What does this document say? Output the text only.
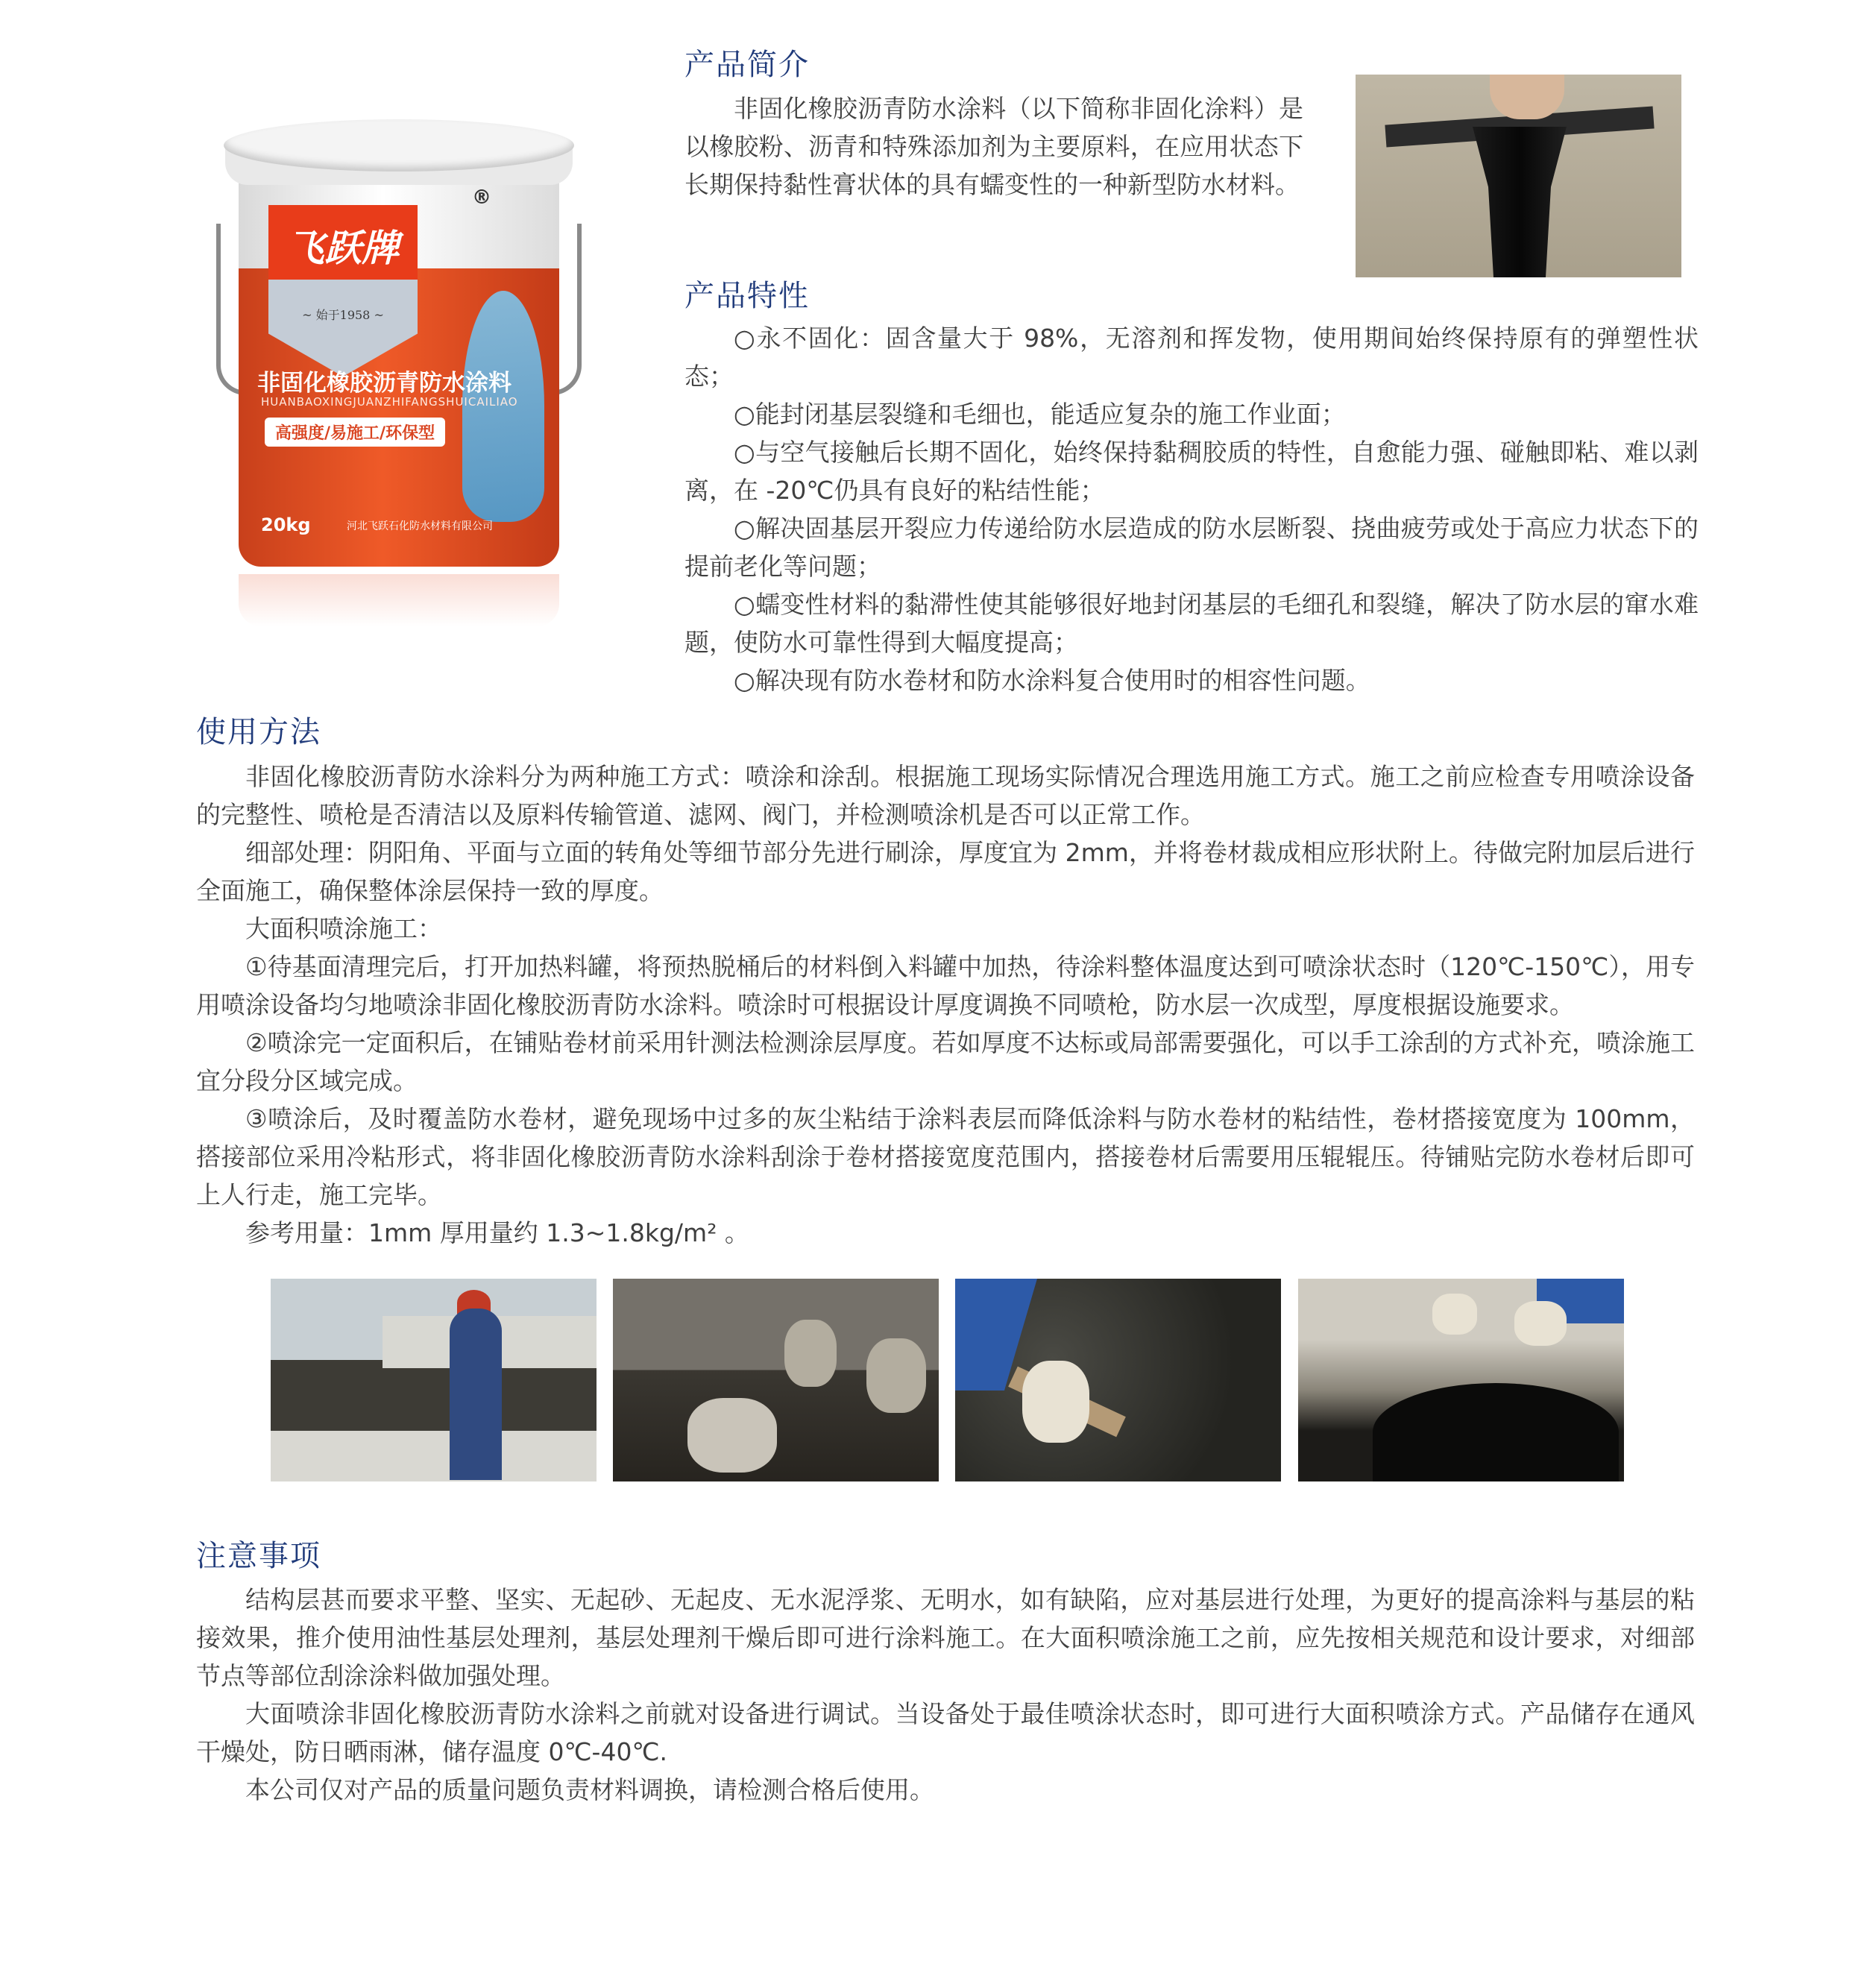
飞跃牌
~ 始于1958 ~
®
非固化橡胶沥青防水涂料
HUANBAOXINGJUANZHIFANGSHUICAILIAO
高强度/易施工/环保型
20kg	河北飞跃石化防水材料有限公司
产品简介

非固化橡胶沥青防水涂料（以下简称非固化涂料）是以橡胶粉、沥青和特殊添加剂为主要原料，在应用状态下长期保持黏性膏状体的具有蠕变性的一种新型防水材料。

产品特性

○永不固化：固含量大于 98%，无溶剂和挥发物，使用期间始终保持原有的弹塑性状态；

○能封闭基层裂缝和毛细也，能适应复杂的施工作业面；

○与空气接触后长期不固化，始终保持黏稠胶质的特性，自愈能力强、碰触即粘、难以剥离，在 -20℃仍具有良好的粘结性能；

○解决固基层开裂应力传递给防水层造成的防水层断裂、挠曲疲劳或处于高应力状态下的提前老化等问题；

○蠕变性材料的黏滞性使其能够很好地封闭基层的毛细孔和裂缝，解决了防水层的窜水难题，使防水可靠性得到大幅度提高；

○解决现有防水卷材和防水涂料复合使用时的相容性问题。

使用方法

非固化橡胶沥青防水涂料分为两种施工方式：喷涂和涂刮。根据施工现场实际情况合理选用施工方式。施工之前应检查专用喷涂设备的完整性、喷枪是否清洁以及原料传输管道、滤网、阀门，并检测喷涂机是否可以正常工作。

细部处理：阴阳角、平面与立面的转角处等细节部分先进行刷涂，厚度宜为 2mm，并将卷材裁成相应形状附上。待做完附加层后进行全面施工，确保整体涂层保持一致的厚度。

大面积喷涂施工：

①待基面清理完后，打开加热料罐，将预热脱桶后的材料倒入料罐中加热，待涂料整体温度达到可喷涂状态时（120℃-150℃），用专用喷涂设备均匀地喷涂非固化橡胶沥青防水涂料。喷涂时可根据设计厚度调换不同喷枪，防水层一次成型，厚度根据设施要求。

②喷涂完一定面积后，在铺贴卷材前采用针测法检测涂层厚度。若如厚度不达标或局部需要强化，可以手工涂刮的方式补充，喷涂施工宜分段分区域完成。

③喷涂后，及时覆盖防水卷材，避免现场中过多的灰尘粘结于涂料表层而降低涂料与防水卷材的粘结性，卷材搭接宽度为 100mm，搭接部位采用冷粘形式，将非固化橡胶沥青防水涂料刮涂于卷材搭接宽度范围内，搭接卷材后需要用压辊辊压。待铺贴完防水卷材后即可上人行走，施工完毕。

参考用量：1mm 厚用量约 1.3~1.8kg/m² 。

注意事项

结构层甚而要求平整、坚实、无起砂、无起皮、无水泥浮浆、无明水，如有缺陷，应对基层进行处理，为更好的提高涂料与基层的粘接效果，推介使用油性基层处理剂，基层处理剂干燥后即可进行涂料施工。在大面积喷涂施工之前，应先按相关规范和设计要求，对细部节点等部位刮涂涂料做加强处理。

大面喷涂非固化橡胶沥青防水涂料之前就对设备进行调试。当设备处于最佳喷涂状态时，即可进行大面积喷涂方式。产品储存在通风干燥处，防日晒雨淋，储存温度 0℃-40℃.

本公司仅对产品的质量问题负责材料调换，请检测合格后使用。
